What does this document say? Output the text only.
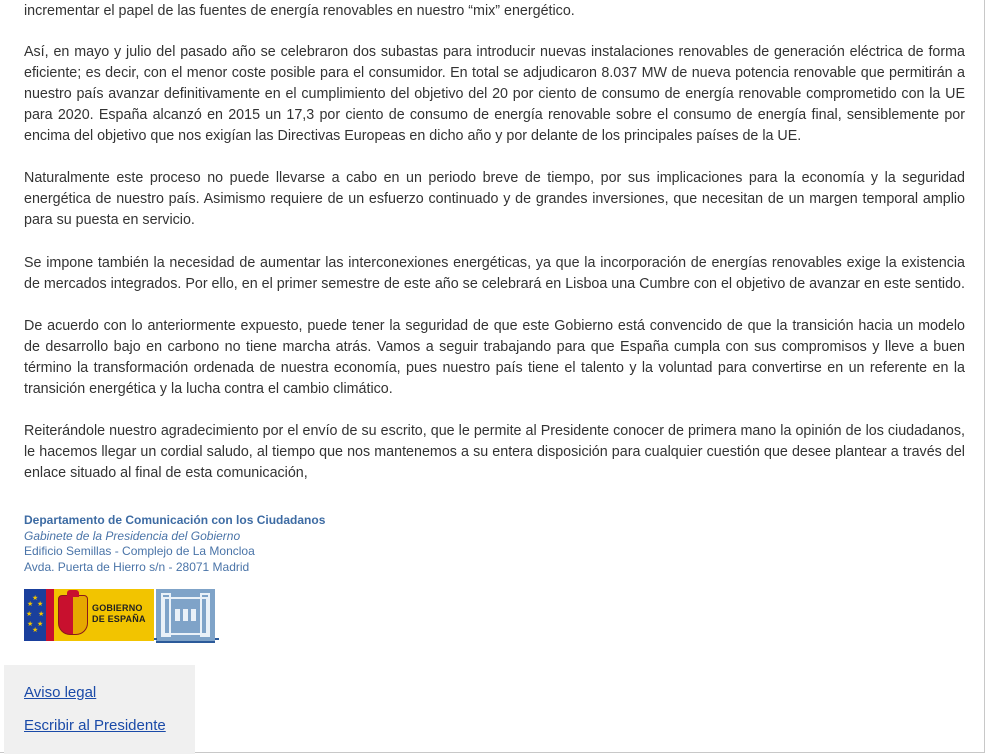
incrementar el papel de las fuentes de energía renovables en nuestro “mix” energético.

Así, en mayo y julio del pasado año se celebraron dos subastas para introducir nuevas instalaciones renovables de generación eléctrica de forma eficiente; es decir, con el menor coste posible para el consumidor. En total se adjudicaron 8.037 MW de nueva potencia renovable que permitirán a nuestro país avanzar definitivamente en el cumplimiento del objetivo del 20 por ciento de consumo de energía renovable comprometido con la UE para 2020. España alcanzó en 2015 un 17,3 por ciento de consumo de energía renovable sobre el consumo de energía final, sensiblemente por encima del objetivo que nos exigían las Directivas Europeas en dicho año y por delante de los principales países de la UE.

Naturalmente este proceso no puede llevarse a cabo en un periodo breve de tiempo, por sus implicaciones para la economía y la seguridad energética de nuestro país. Asimismo requiere de un esfuerzo continuado y de grandes inversiones, que necesitan de un margen temporal amplio para su puesta en servicio.

Se impone también la necesidad de aumentar las interconexiones energéticas, ya que la incorporación de energías renovables exige la existencia de mercados integrados. Por ello, en el primer semestre de este año se celebrará en Lisboa una Cumbre con el objetivo de avanzar en este sentido.

De acuerdo con lo anteriormente expuesto, puede tener la seguridad de que este Gobierno está convencido de que la transición hacia un modelo de desarrollo bajo en carbono no tiene marcha atrás. Vamos a seguir trabajando para que España cumpla con sus compromisos y lleve a buen término la transformación ordenada de nuestra economía, pues nuestro país tiene el talento y la voluntad para convertirse en un referente en la transición energética y la lucha contra el cambio climático.

Reiterándole nuestro agradecimiento por el envío de su escrito, que le permite al Presidente conocer de primera mano la opinión de los ciudadanos, le hacemos llegar un cordial saludo, al tiempo que nos mantenemos a su entera disposición para cualquier cuestión que desee plantear a través del enlace situado al final de esta comunicación,

Departamento de Comunicación con los Ciudadanos
Gabinete de la Presidencia del Gobierno
Edificio Semillas - Complejo de La Moncloa
Avda. Puerta de Hierro s/n - 28071 Madrid
★
★ ★
★ ★
★ ★
★
GOBIERNO
DE ESPAÑA
Aviso legal
Escribir al Presidente
